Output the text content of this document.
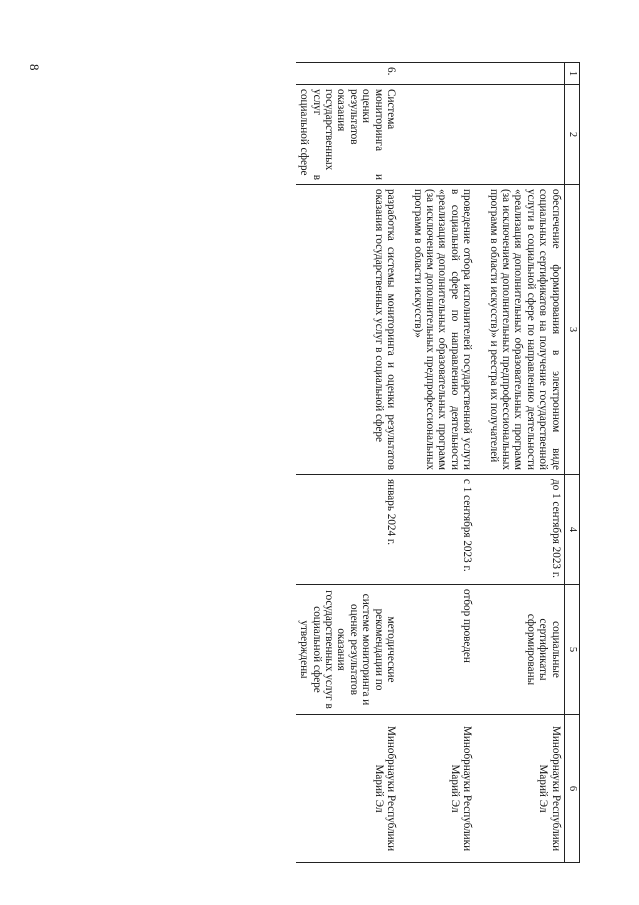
8
1	2	3	4	5	6
		обеспечение формирования в электронном виде социальных сертификатов на получение государственной услуги в социальной сфере по направлению деятельности «реализация дополнительных образовательных программ (за исключением дополнительных предпрофессиональных программ в области искусств)» и реестра их получателей	до 1 сентября 2023 г.	социальные сертификаты сформированы	Минобрнауки Республики Марий Эл

		проведение отбора исполнителей государственной услуги в социальной сфере по направлению деятельности «реализация дополнительных образовательных программ (за исключением дополнительных предпрофессиональных программ в области искусств)»	с 1 сентября 2023 г.	отбор проведен	Минобрнауки Республики Марий Эл

6.	Система мониторинга и оценки результатов оказания государственных услуг в социальной сфере	разработка системы мониторинга и оценки результатов оказания государственных услуг в социальной сфере	январь 2024 г.	методические рекомендации по системе мониторинга и оценке результатов оказания государственных услуг в социальной сфере утверждены	Минобрнауки Республики Марий Эл
